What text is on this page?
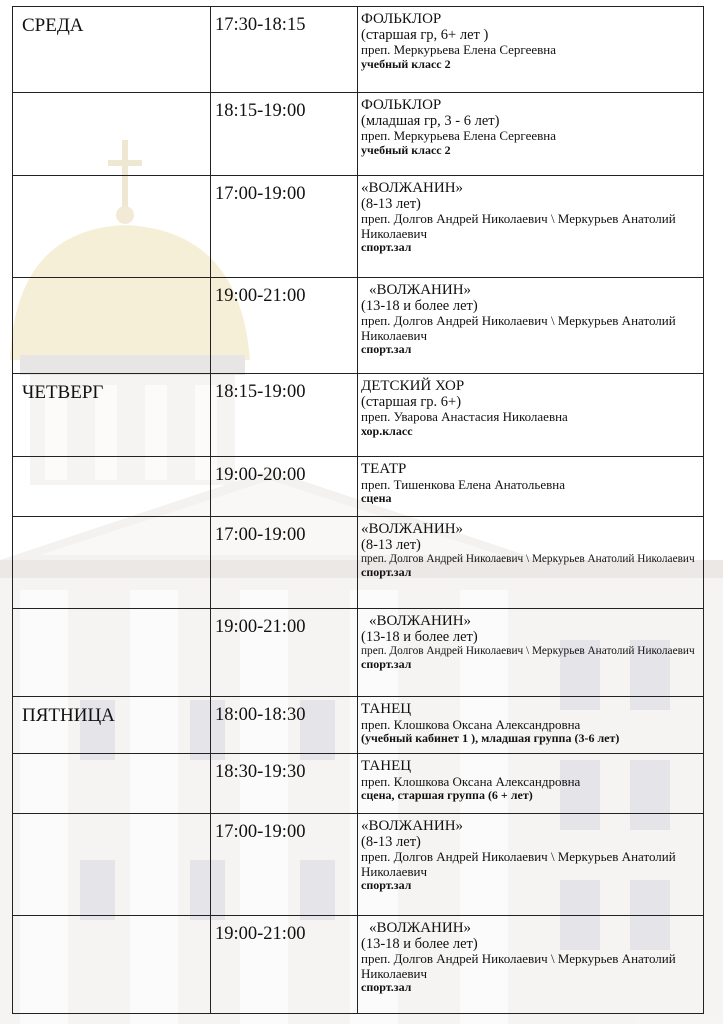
СРЕДА	17:30-18:15	ФОЛЬКЛОР
(старшая гр, 6+ лет )
преп. Меркурьева Елена Сергеевна
учебный класс 2

	18:15-19:00	ФОЛЬКЛОР
(младшая гр, 3 - 6 лет)
преп. Меркурьева Елена Сергеевна
учебный класс 2

	17:00-19:00	«ВОЛЖАНИН»
(8-13 лет)
преп. Долгов Андрей Николаевич \ Меркурьев Анатолий Николаевич
спорт.зал

	19:00-21:00	«ВОЛЖАНИН»
(13-18 и более лет)
преп. Долгов Андрей Николаевич \ Меркурьев Анатолий Николаевич
спорт.зал

ЧЕТВЕРГ	18:15-19:00	ДЕТСКИЙ ХОР
(старшая гр. 6+)
преп. Уварова Анастасия Николаевна
хор.класс

	19:00-20:00	ТЕАТР
преп. Тишенкова Елена Анатольевна
сцена

	17:00-19:00	«ВОЛЖАНИН»
(8-13 лет)
преп. Долгов Андрей Николаевич \ Меркурьев Анатолий Николаевич
спорт.зал

	19:00-21:00	«ВОЛЖАНИН»
(13-18 и более лет)
преп. Долгов Андрей Николаевич \ Меркурьев Анатолий Николаевич
спорт.зал

ПЯТНИЦА	18:00-18:30	ТАНЕЦ
преп. Клошкова Оксана Александровна
(учебный кабинет 1 ), младшая группа (3-6 лет)

	18:30-19:30	ТАНЕЦ
преп. Клошкова Оксана Александровна
сцена, старшая группа (6 + лет)

	17:00-19:00	«ВОЛЖАНИН»
(8-13 лет)
преп. Долгов Андрей Николаевич \ Меркурьев Анатолий Николаевич
спорт.зал

	19:00-21:00	«ВОЛЖАНИН»
(13-18 и более лет)
преп. Долгов Андрей Николаевич \ Меркурьев Анатолий Николаевич
спорт.зал
